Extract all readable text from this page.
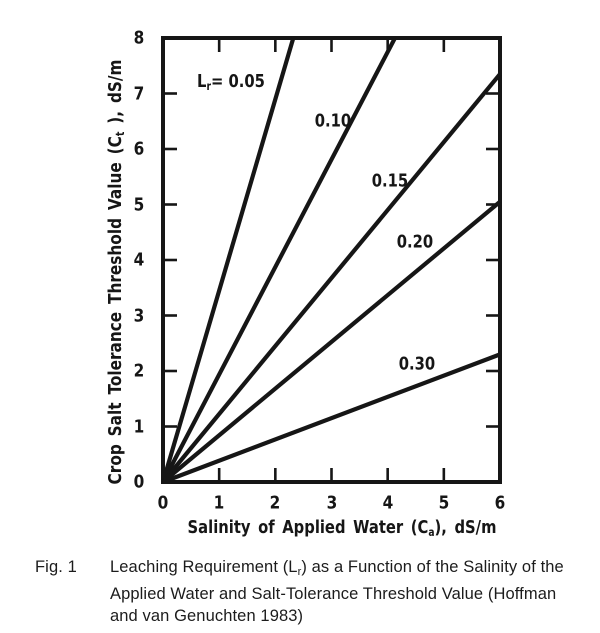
Salinity of Applied Water $(C_a)$, dS/m
Crop Salt Tolerance Threshold Value ($C_t$ ), dS/m
0	1	2	3	4	5	6
0
1
2
3
4
5
6
7
8
$L_r= 0.05$
0.10
0.15
0.20
0.30
Fig. 1	Leaching Requirement $(L_r)$ as a Function of the Salinity of the
Applied Water and Salt-Tolerance Threshold Value (Hoffman
and van Genuchten 1983)
